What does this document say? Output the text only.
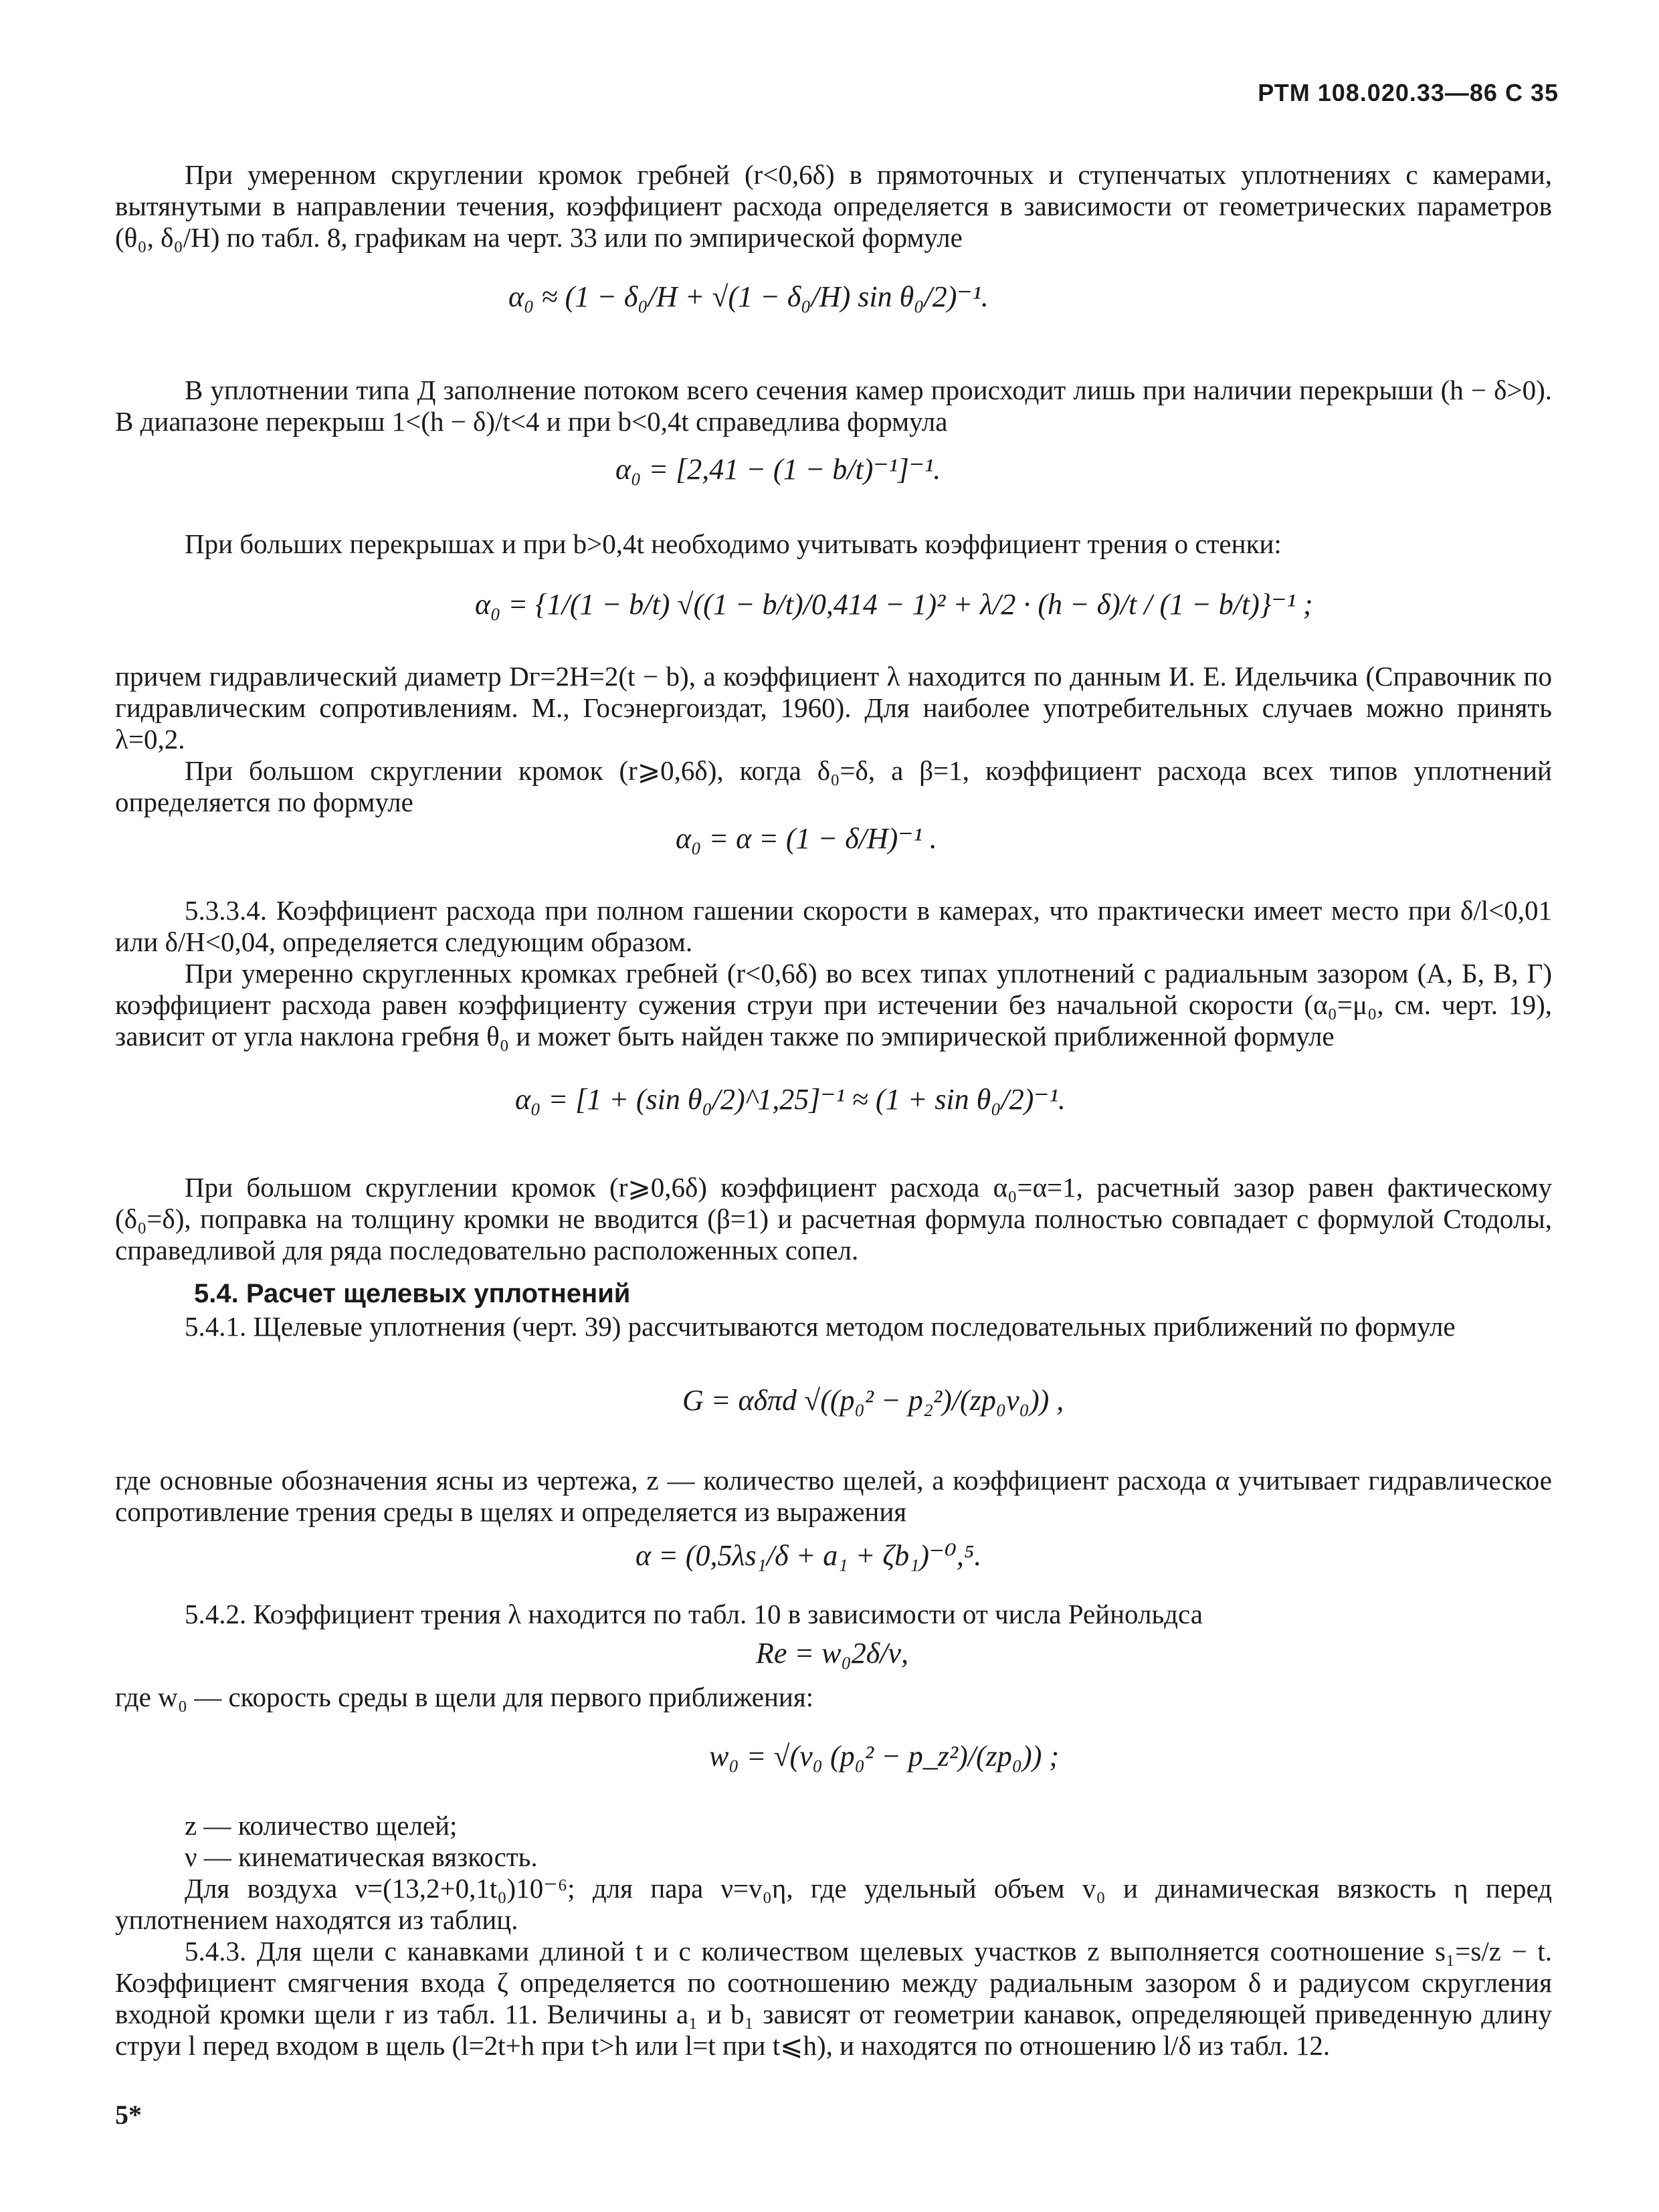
РТМ 108.020.33—86 С 35

При умеренном скруглении кромок гребней (r<0,6δ) в прямоточных и ступенчатых уплотнениях с камерами, вытянутыми в направлении течения, коэффициент расхода определяется в зависимости от геометрических параметров (θ₀, δ₀/H) по табл. 8, графикам на черт. 33 или по эмпирической формуле

α₀ ≈ (1 − δ₀/H + √(1 − δ₀/H) sin θ₀/2)⁻¹.

В уплотнении типа Д заполнение потоком всего сечения камер происходит лишь при наличии перекрыши (h − δ>0). В диапазоне перекрыш 1<(h − δ)/t<4 и при b<0,4t справедлива формула

α₀ = [2,41 − (1 − b/t)⁻¹]⁻¹.

При больших перекрышах и при b>0,4t необходимо учитывать коэффициент трения о стенки:

α₀ = {1/(1 − b/t) √((1 − b/t)/0,414 − 1)² + λ/2 · (h − δ)/t / (1 − b/t)}⁻¹ ;

причем гидравлический диаметр Dг=2H=2(t − b), а коэффициент λ находится по данным И. Е. Идельчика (Справочник по гидравлическим сопротивлениям. М., Госэнергоиздат, 1960). Для наиболее употребительных случаев можно принять λ=0,2.

При большом скруглении кромок (r⩾0,6δ), когда δ₀=δ, а β=1, коэффициент расхода всех типов уплотнений определяется по формуле

α₀ = α = (1 − δ/H)⁻¹ .

5.3.3.4. Коэффициент расхода при полном гашении скорости в камерах, что практически имеет место при δ/l<0,01 или δ/H<0,04, определяется следующим образом.

При умеренно скругленных кромках гребней (r<0,6δ) во всех типах уплотнений с радиальным зазором (А, Б, В, Г) коэффициент расхода равен коэффициенту сужения струи при истечении без начальной скорости (α₀=μ₀, см. черт. 19), зависит от угла наклона гребня θ₀ и может быть найден также по эмпирической приближенной формуле

α₀ = [1 + (sin θ₀/2)^1,25]⁻¹ ≈ (1 + sin θ₀/2)⁻¹.

При большом скруглении кромок (r⩾0,6δ) коэффициент расхода α₀=α=1, расчетный зазор равен фактическому (δ₀=δ), поправка на толщину кромки не вводится (β=1) и расчетная формула полностью совпадает с формулой Стодолы, справедливой для ряда последовательно расположенных сопел.

5.4. Расчет щелевых уплотнений

5.4.1. Щелевые уплотнения (черт. 39) рассчитываются методом последовательных приближений по формуле

G = αδπd √((p₀² − p₂²)/(zp₀v₀)) ,

где основные обозначения ясны из чертежа, z — количество щелей, а коэффициент расхода α учитывает гидравлическое сопротивление трения среды в щелях и определяется из выражения

α = (0,5λs₁/δ + a₁ + ζb₁)⁻⁰,⁵.

5.4.2. Коэффициент трения λ находится по табл. 10 в зависимости от числа Рейнольдса

Re = w₀2δ/ν,

где w₀ — скорость среды в щели для первого приближения:

w₀ = √(v₀ (p₀² − p_z²)/(zp₀)) ;

z — количество щелей;

ν — кинематическая вязкость.

Для воздуха ν=(13,2+0,1t₀)10⁻⁶; для пара ν=v₀η, где удельный объем v₀ и динамическая вязкость η перед уплотнением находятся из таблиц.

5.4.3. Для щели с канавками длиной t и с количеством щелевых участков z выполняется соотношение s₁=s/z − t. Коэффициент смягчения входа ζ определяется по соотношению между радиальным зазором δ и радиусом скругления входной кромки щели r из табл. 11. Величины a₁ и b₁ зависят от геометрии канавок, определяющей приведенную длину струи l перед входом в щель (l=2t+h при t>h или l=t при t⩽h), и находятся по отношению l/δ из табл. 12.

5*
